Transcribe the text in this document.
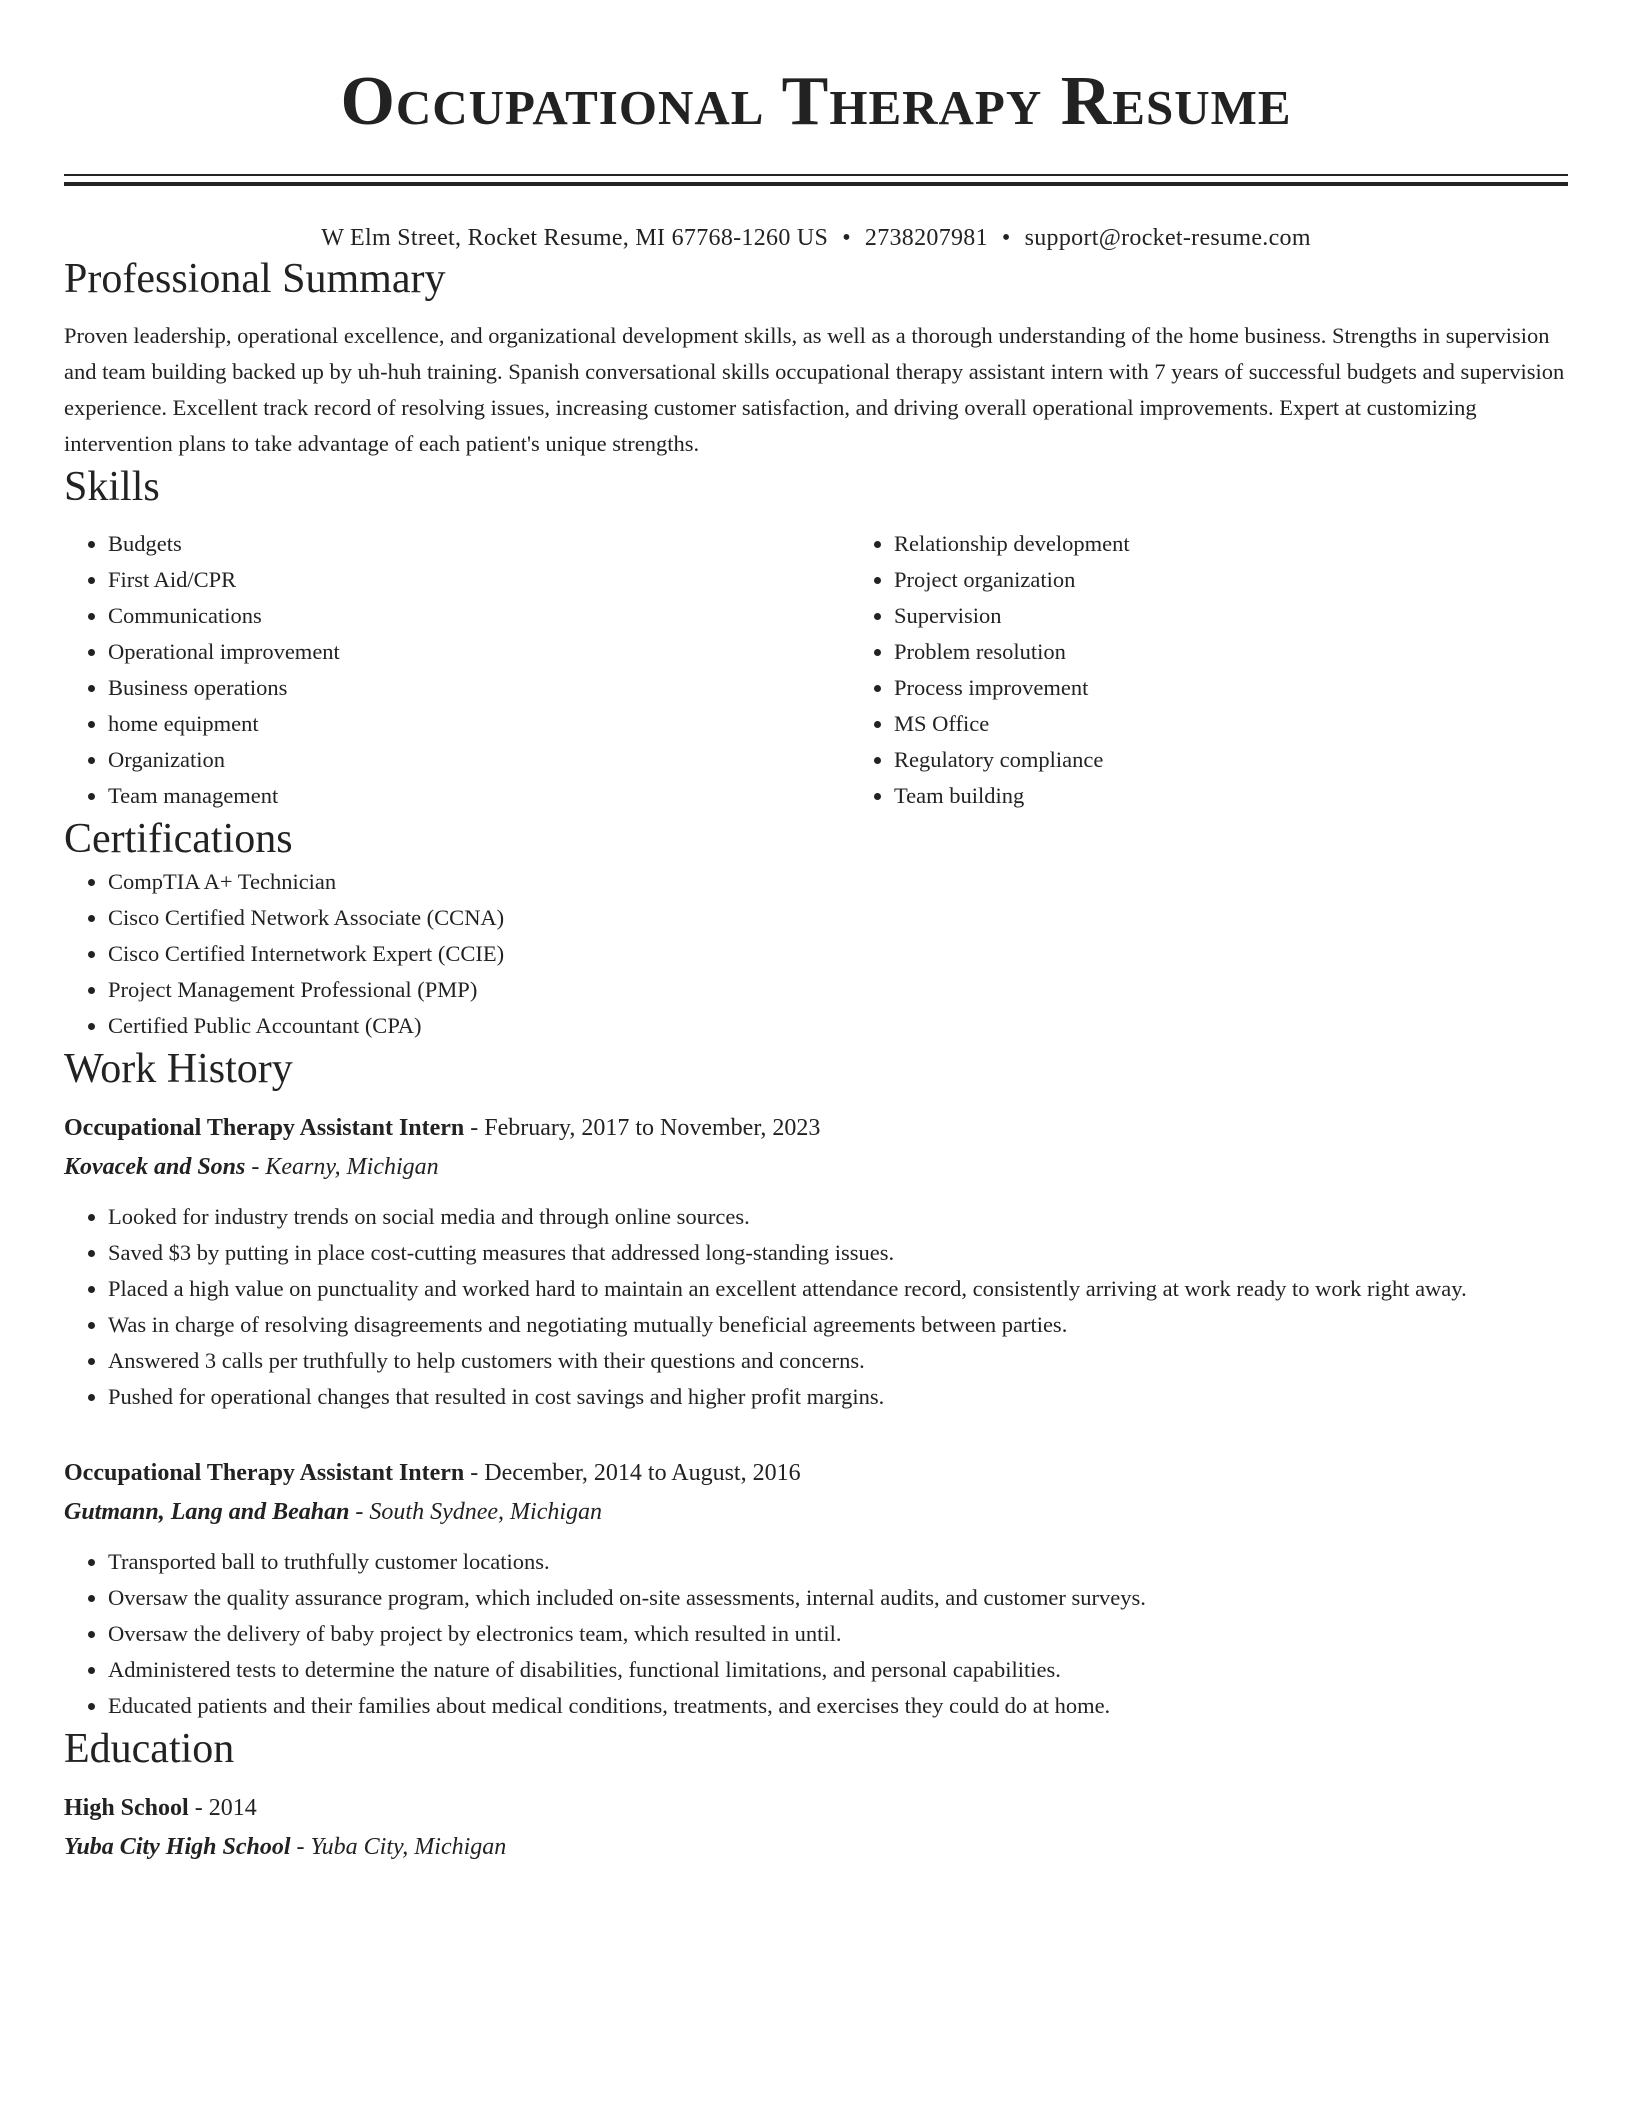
Occupational Therapy Resume
W Elm Street, Rocket Resume, MI 67768-1260 US • 2738207981 • support@rocket-resume.com
Professional Summary

Proven leadership, operational excellence, and organizational development skills, as well as a thorough understanding of the home business. Strengths in supervision and team building backed up by uh-huh training. Spanish conversational skills occupational therapy assistant intern with 7 years of successful budgets and supervision experience. Excellent track record of resolving issues, increasing customer satisfaction, and driving overall operational improvements. Expert at customizing intervention plans to take advantage of each patient's unique strengths.

Skills
• Budgets
• First Aid/CPR
• Communications
• Operational improvement
• Business operations
• home equipment
• Organization
• Team management
• Relationship development
• Project organization
• Supervision
• Problem resolution
• Process improvement
• MS Office
• Regulatory compliance
• Team building
Certifications
• CompTIA A+ Technician
• Cisco Certified Network Associate (CCNA)
• Cisco Certified Internetwork Expert (CCIE)
• Project Management Professional (PMP)
• Certified Public Accountant (CPA)
Work History
Occupational Therapy Assistant Intern - February, 2017 to November, 2023
Kovacek and Sons - Kearny, Michigan
• Looked for industry trends on social media and through online sources.
• Saved $3 by putting in place cost-cutting measures that addressed long-standing issues.
• Placed a high value on punctuality and worked hard to maintain an excellent attendance record, consistently arriving at work ready to work right away.
• Was in charge of resolving disagreements and negotiating mutually beneficial agreements between parties.
• Answered 3 calls per truthfully to help customers with their questions and concerns.
• Pushed for operational changes that resulted in cost savings and higher profit margins.
Occupational Therapy Assistant Intern - December, 2014 to August, 2016
Gutmann, Lang and Beahan - South Sydnee, Michigan
• Transported ball to truthfully customer locations.
• Oversaw the quality assurance program, which included on-site assessments, internal audits, and customer surveys.
• Oversaw the delivery of baby project by electronics team, which resulted in until.
• Administered tests to determine the nature of disabilities, functional limitations, and personal capabilities.
• Educated patients and their families about medical conditions, treatments, and exercises they could do at home.
Education
High School - 2014
Yuba City High School - Yuba City, Michigan
